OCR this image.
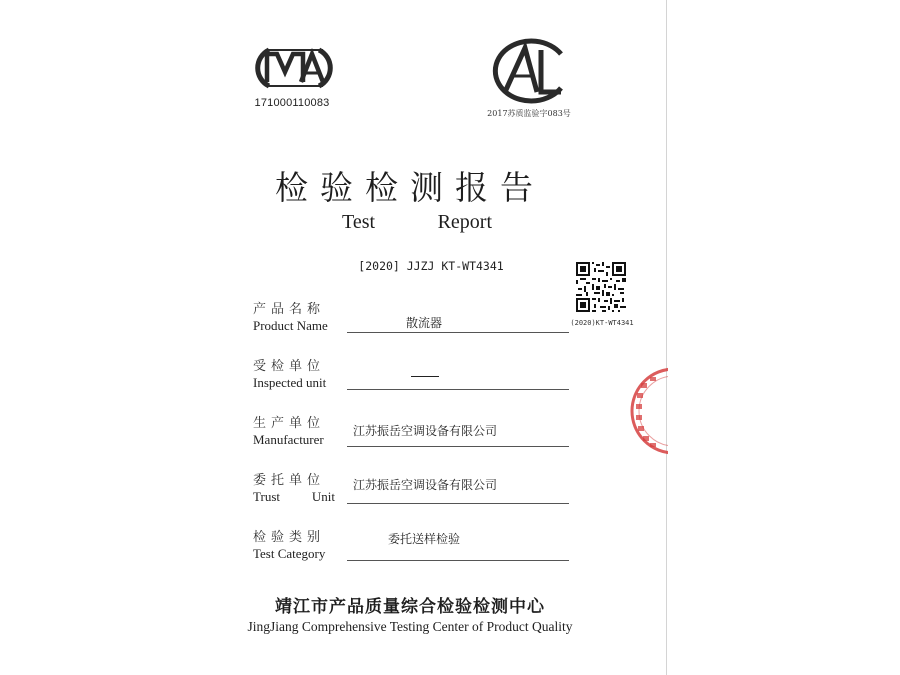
171000110083
2017苏质监验字083号
检验检测报告
Test	Report
[2020] JJZJ KT-WT4341
(2020)KT-WT4341
产品名称
Product Name	散流器
受检单位
Inspected unit
生产单位
Manufacturer
江苏振岳空调设备有限公司
委托单位
Trust Unit
江苏振岳空调设备有限公司
检验类别
Test Category
委托送样检验
靖江市产品质量综合检验检测中心
JingJiang Comprehensive Testing Center of Product Quality
